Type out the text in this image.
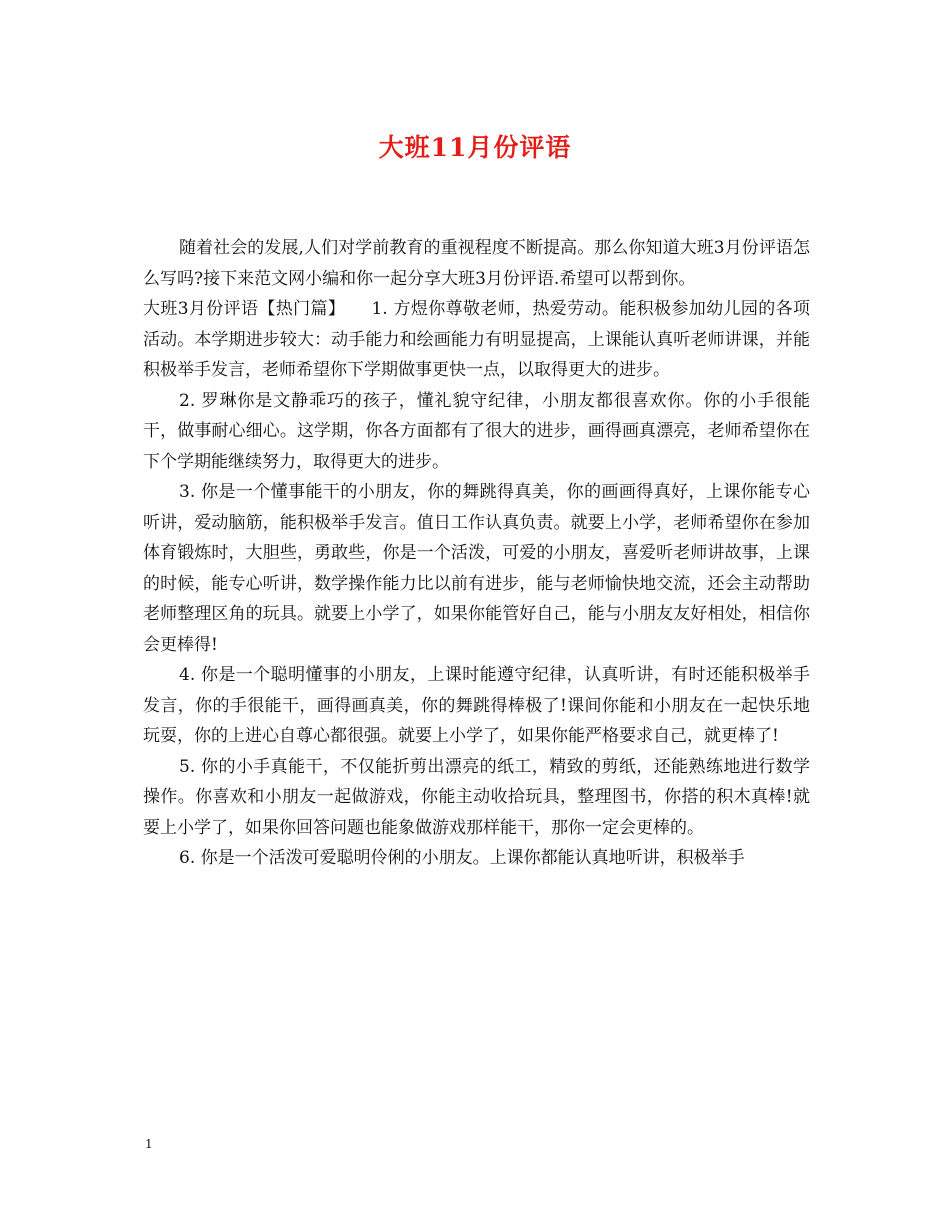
大班11月份评语

随着社会的发展,人们对学前教育的重视程度不断提高。那么你知道大班3月份评语怎么写吗?接下来范文网小编和你一起分享大班3月份评语.希望可以帮到你。

大班3月份评语【热门篇】　　1. 方煜你尊敬老师，热爱劳动。能积极参加幼儿园的各项活动。本学期进步较大：动手能力和绘画能力有明显提高，上课能认真听老师讲课，并能积极举手发言，老师希望你下学期做事更快一点，以取得更大的进步。

2. 罗琳你是文静乖巧的孩子，懂礼貌守纪律，小朋友都很喜欢你。你的小手很能干，做事耐心细心。这学期，你各方面都有了很大的进步，画得画真漂亮，老师希望你在下个学期能继续努力，取得更大的进步。

3. 你是一个懂事能干的小朋友，你的舞跳得真美，你的画画得真好，上课你能专心听讲，爱动脑筋，能积极举手发言。值日工作认真负责。就要上小学，老师希望你在参加体育锻炼时，大胆些，勇敢些，你是一个活泼，可爱的小朋友，喜爱听老师讲故事，上课的时候，能专心听讲，数学操作能力比以前有进步，能与老师愉快地交流，还会主动帮助老师整理区角的玩具。就要上小学了，如果你能管好自己，能与小朋友友好相处，相信你会更棒得!

4. 你是一个聪明懂事的小朋友，上课时能遵守纪律，认真听讲，有时还能积极举手发言，你的手很能干，画得画真美，你的舞跳得棒极了!课间你能和小朋友在一起快乐地玩耍，你的上进心自尊心都很强。就要上小学了，如果你能严格要求自己，就更棒了!

5. 你的小手真能干，不仅能折剪出漂亮的纸工，精致的剪纸，还能熟练地进行数学操作。你喜欢和小朋友一起做游戏，你能主动收拾玩具，整理图书，你搭的积木真棒!就要上小学了，如果你回答问题也能象做游戏那样能干，那你一定会更棒的。

6. 你是一个活泼可爱聪明伶俐的小朋友。上课你都能认真地听讲，积极举手

1
